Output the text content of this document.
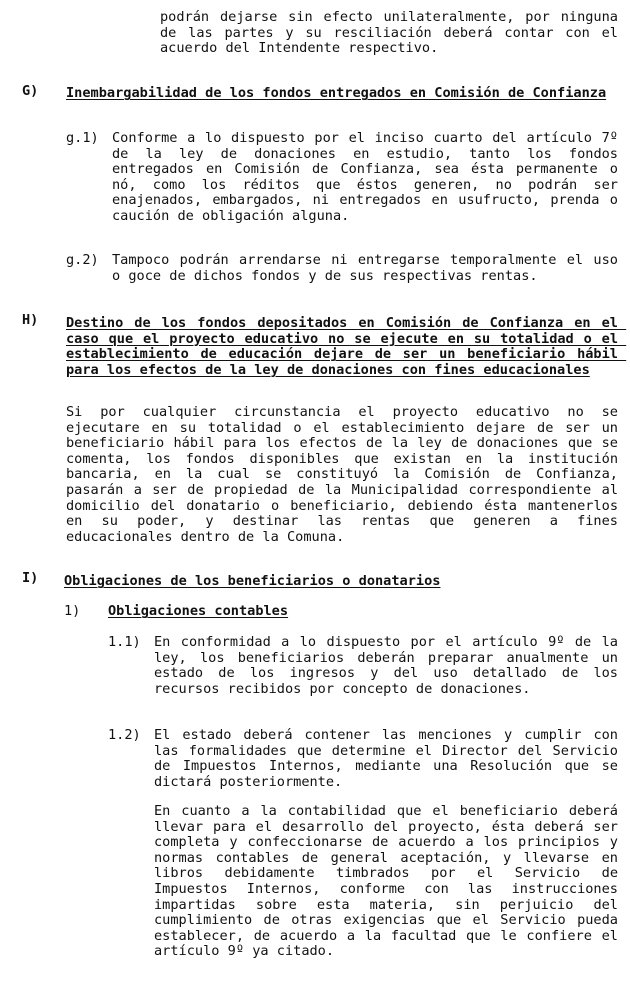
podrán dejarse sin efecto unilateralmente, por ninguna de las partes y su resciliación deberá contar con el acuerdo del Intendente respectivo.

G) Inembargabilidad de los fondos entregados en Comisión de Confianza

g.1) Conforme a lo dispuesto por el inciso cuarto del artículo 7º de la ley de donaciones en estudio, tanto los fondos entregados en Comisión de Confianza, sea ésta permanente o nó, como los réditos que éstos generen, no podrán ser enajenados, embargados, ni entregados en usufructo, prenda o caución de obligación alguna.

g.2) Tampoco podrán arrendarse ni entregarse temporalmente el uso o goce de dichos fondos y de sus respectivas rentas.

H) Destino de los fondos depositados en Comisión de Confianza en el caso que el proyecto educativo no se ejecute en su totalidad o el establecimiento de educación dejare de ser un beneficiario hábil para los efectos de la ley de donaciones con fines educacionales

Si por cualquier circunstancia el proyecto educativo no se ejecutare en su totalidad o el establecimiento dejare de ser un beneficiario hábil para los efectos de la ley de donaciones que se comenta, los fondos disponibles que existan en la institución bancaria, en la cual se constituyó la Comisión de Confianza, pasarán a ser de propiedad de la Municipalidad correspondiente al domicilio del donatario o beneficiario, debiendo ésta mantenerlos en su poder, y destinar las rentas que generen a fines educacionales dentro de la Comuna.

I) Obligaciones de los beneficiarios o donatarios

1) Obligaciones contables

1.1) En conformidad a lo dispuesto por el artículo 9º de la ley, los beneficiarios deberán preparar anualmente un estado de los ingresos y del uso detallado de los recursos recibidos por concepto de donaciones.

1.2) El estado deberá contener las menciones y cumplir con las formalidades que determine el Director del Servicio de Impuestos Internos, mediante una Resolución que se dictará posteriormente.

En cuanto a la contabilidad que el beneficiario deberá llevar para el desarrollo del proyecto, ésta deberá ser completa y confeccionarse de acuerdo a los principios y normas contables de general aceptación, y llevarse en libros debidamente timbrados por el Servicio de Impuestos Internos, conforme con las instrucciones impartidas sobre esta materia, sin perjuicio del cumplimiento de otras exigencias que el Servicio pueda establecer, de acuerdo a la facultad que le confiere el artículo 9º ya citado.
